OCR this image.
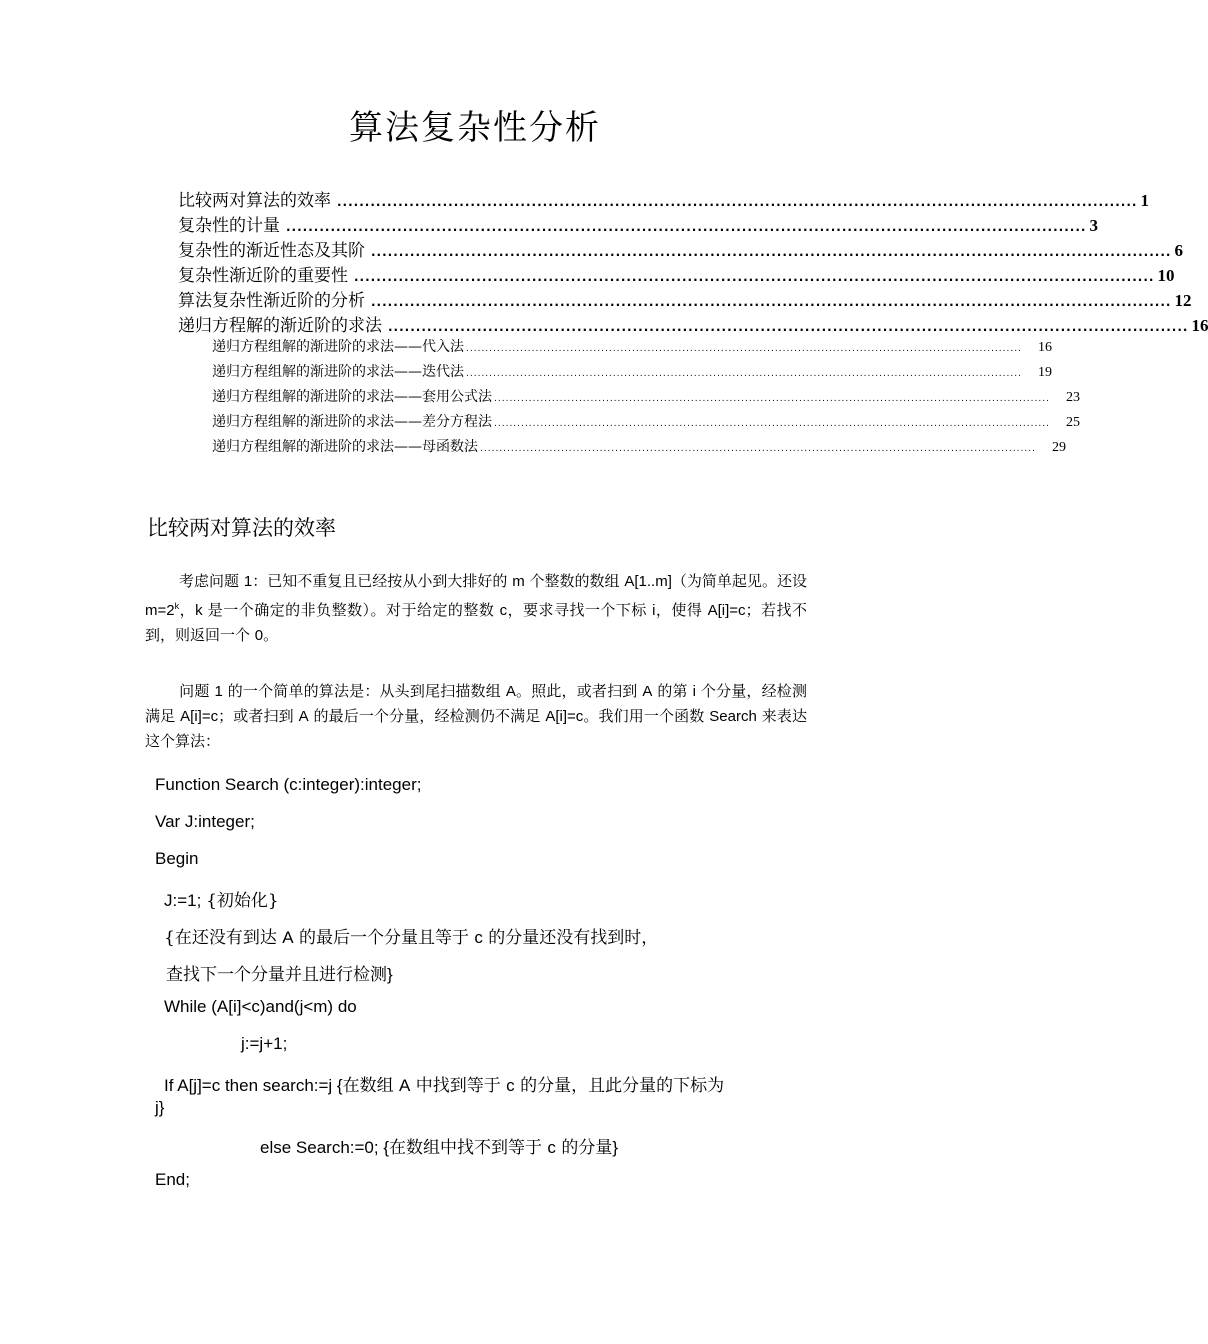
算法复杂性分析
比较两对算法的效率 ................................................................................................................................................ 1
复杂性的计量 ................................................................................................................................................ 3
复杂性的渐近性态及其阶 ................................................................................................................................................ 6
复杂性渐近阶的重要性 ................................................................................................................................................ 10
算法复杂性渐近阶的分析 ................................................................................................................................................ 12
递归方程解的渐近阶的求法 ................................................................................................................................................ 16
递归方程组解的渐进阶的求法——代入法 ................................................................................................................................................	16
递归方程组解的渐进阶的求法——迭代法 ................................................................................................................................................	19
递归方程组解的渐进阶的求法——套用公式法 ................................................................................................................................................	23
递归方程组解的渐进阶的求法——差分方程法 ................................................................................................................................................	25
递归方程组解的渐进阶的求法——母函数法 ................................................................................................................................................	29
比较两对算法的效率

考虑问题 1：已知不重复且已经按从小到大排好的 m 个整数的数组 A[1..m]（为简单起见。还设 $m=2^k$，k 是一个确定的非负整数）。对于给定的整数 c，要求寻找一个下标 i，使得 A[i]=c；若找不到，则返回一个 0。

问题 1 的一个简单的算法是：从头到尾扫描数组 A。照此，或者扫到 A 的第 i 个分量，经检测满足 A[i]=c；或者扫到 A 的最后一个分量，经检测仍不满足 A[i]=c。我们用一个函数 Search 来表达这个算法：

Function Search (c:integer):integer;
Var J:integer;
Begin
J:=1; {初始化}
{在还没有到达 A 的最后一个分量且等于 c 的分量还没有找到时，
查找下一个分量并且进行检测}
While (A[i]<c)and(j<m) do
j:=j+1;
If A[j]=c then search:=j {在数组 A 中找到等于 c 的分量，且此分量的下标为
j}
else Search:=0; {在数组中找不到等于 c 的分量}
End;
